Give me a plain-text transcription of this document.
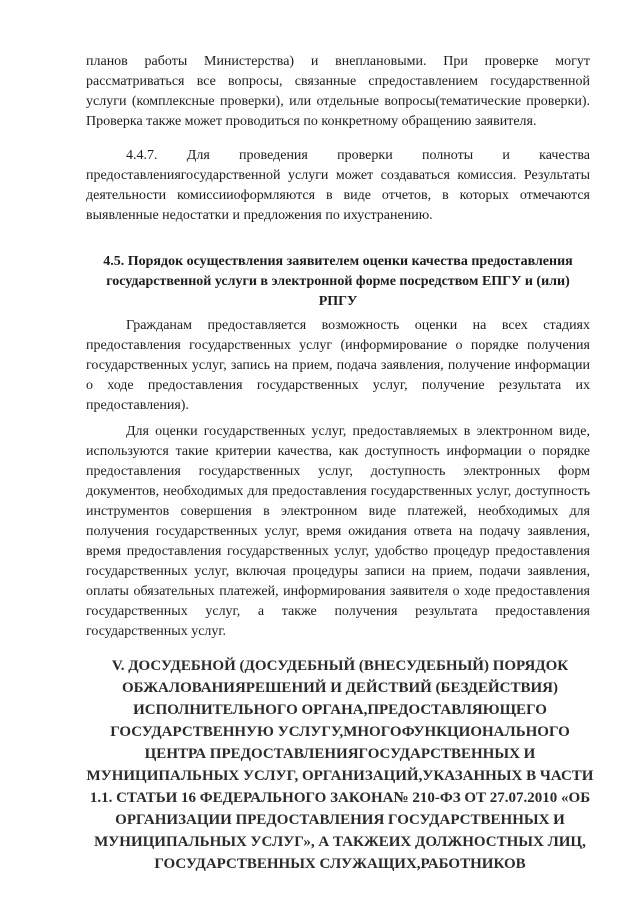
планов работы Министерства) и внеплановыми. При проверке могут рассматриваться все вопросы, связанные спредоставлением государственной услуги (комплексные проверки), или отдельные вопросы(тематические проверки). Проверка также может проводиться по конкретному обращению заявителя.

4.4.7. Для проведения проверки полноты и качества предоставлениягосударственной услуги может создаваться комиссия. Результаты деятельности комиссииоформляются в виде отчетов, в которых отмечаются выявленные недостатки и предложения по ихустранению.

4.5. Порядок осуществления заявителем оценки качества предоставления
государственной услуги в электронной форме посредством ЕПГУ и (или)
РПГУ

Гражданам предоставляется возможность оценки на всех стадиях предоставления государственных услуг (информирование о порядке получения государственных услуг, запись на прием, подача заявления, получение информации о ходе предоставления государственных услуг, получение результата их предоставления).

Для оценки государственных услуг, предоставляемых в электронном виде, используются такие критерии качества, как доступность информации о порядке предоставления государственных услуг, доступность электронных форм документов, необходимых для предоставления государственных услуг, доступность инструментов совершения в электронном виде платежей, необходимых для получения государственных услуг, время ожидания ответа на подачу заявления, время предоставления государственных услуг, удобство процедур предоставления государственных услуг, включая процедуры записи на прием, подачи заявления, оплаты обязательных платежей, информирования заявителя о ходе предоставления государственных услуг, а также получения результата предоставления государственных услуг.

V. ДОСУДЕБНОЙ (ДОСУДЕБНЫЙ (ВНЕСУДЕБНЫЙ) ПОРЯДОК
ОБЖАЛОВАНИЯРЕШЕНИЙ И ДЕЙСТВИЙ (БЕЗДЕЙСТВИЯ)
ИСПОЛНИТЕЛЬНОГО ОРГАНА,ПРЕДОСТАВЛЯЮЩЕГО
ГОСУДАРСТВЕННУЮ УСЛУГУ,МНОГОФУНКЦИОНАЛЬНОГО
ЦЕНТРА ПРЕДОСТАВЛЕНИЯГОСУДАРСТВЕННЫХ И
МУНИЦИПАЛЬНЫХ УСЛУГ, ОРГАНИЗАЦИЙ,УКАЗАННЫХ В ЧАСТИ
1.1. СТАТЬИ 16 ФЕДЕРАЛЬНОГО ЗАКОНА№ 210-ФЗ ОТ 27.07.2010 «ОБ
ОРГАНИЗАЦИИ ПРЕДОСТАВЛЕНИЯ ГОСУДАРСТВЕННЫХ И
МУНИЦИПАЛЬНЫХ УСЛУГ», А ТАКЖЕИХ ДОЛЖНОСТНЫХ ЛИЦ,
ГОСУДАРСТВЕННЫХ СЛУЖАЩИХ,РАБОТНИКОВ
